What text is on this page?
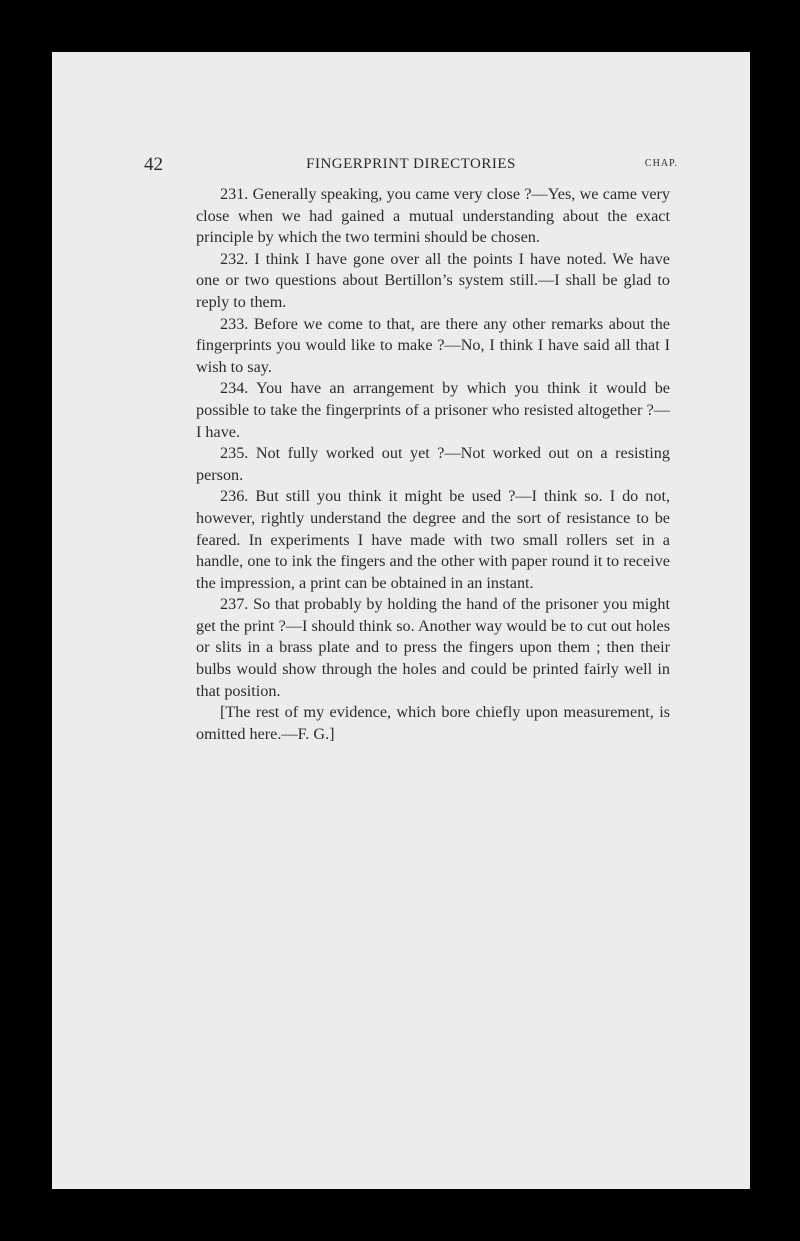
42	FINGERPRINT DIRECTORIES	CHAP.

231. Generally speaking, you came very close ?—Yes, we came very close when we had gained a mutual understanding about the exact principle by which the two termini should be chosen.

232. I think I have gone over all the points I have noted. We have one or two questions about Bertillon’s system still.—I shall be glad to reply to them.

233. Before we come to that, are there any other remarks about the fingerprints you would like to make ?—No, I think I have said all that I wish to say.

234. You have an arrangement by which you think it would be possible to take the fingerprints of a prisoner who resisted altogether ?—I have.

235. Not fully worked out yet ?—Not worked out on a resisting person.

236. But still you think it might be used ?—I think so. I do not, however, rightly understand the degree and the sort of resistance to be feared. In experiments I have made with two small rollers set in a handle, one to ink the fingers and the other with paper round it to receive the impression, a print can be obtained in an instant.

237. So that probably by holding the hand of the prisoner you might get the print ?—I should think so. Another way would be to cut out holes or slits in a brass plate and to press the fingers upon them ; then their bulbs would show through the holes and could be printed fairly well in that position.

[The rest of my evidence, which bore chiefly upon measurement, is omitted here.—F. G.]
